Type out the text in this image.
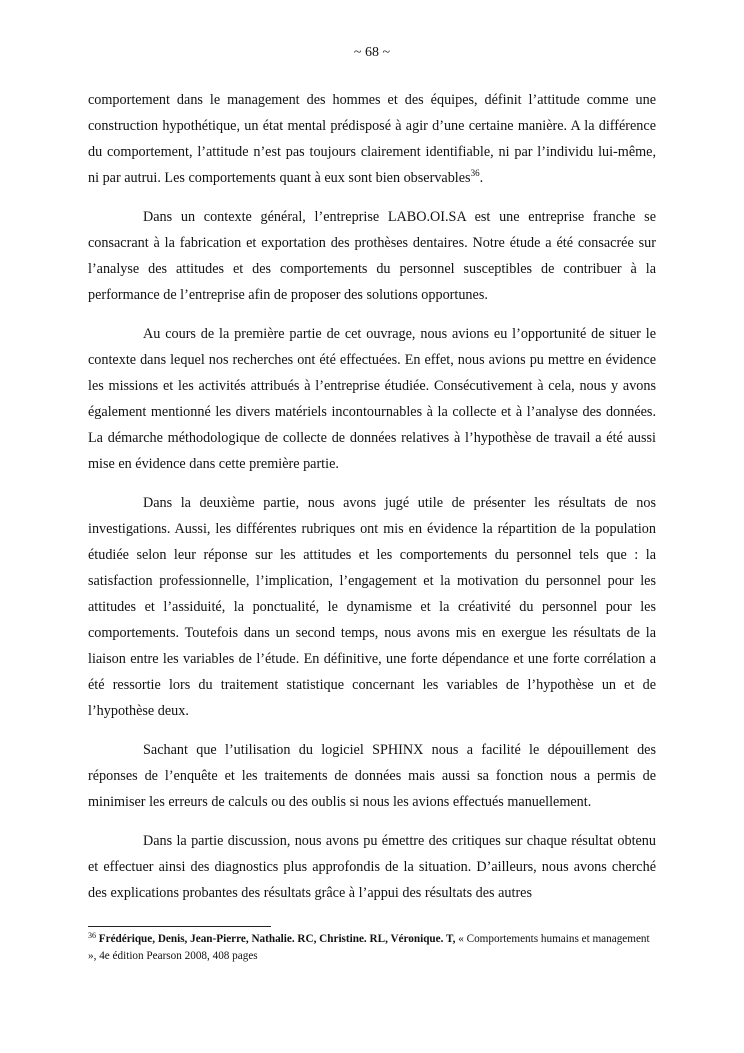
~ 68 ~

comportement dans le management des hommes et des équipes, définit l’attitude comme une construction hypothétique, un état mental prédisposé à agir d’une certaine manière. A la différence du comportement, l’attitude n’est pas toujours clairement identifiable, ni par l’individu lui-même, ni par autrui. Les comportements quant à eux sont bien observables$^{36}$.

Dans un contexte général, l’entreprise LABO.OI.SA est une entreprise franche se consacrant à la fabrication et exportation des prothèses dentaires. Notre étude a été consacrée sur l’analyse des attitudes et des comportements du personnel susceptibles de contribuer à la performance de l’entreprise afin de proposer des solutions opportunes.

Au cours de la première partie de cet ouvrage, nous avions eu l’opportunité de situer le contexte dans lequel nos recherches ont été effectuées. En effet, nous avions pu mettre en évidence les missions et les activités attribués à l’entreprise étudiée. Consécutivement à cela, nous y avons également mentionné les divers matériels incontournables à la collecte et à l’analyse des données. La démarche méthodologique de collecte de données relatives à l’hypothèse de travail a été aussi mise en évidence dans cette première partie.

Dans la deuxième partie, nous avons jugé utile de présenter les résultats de nos investigations. Aussi, les différentes rubriques ont mis en évidence la répartition de la population étudiée selon leur réponse sur les attitudes et les comportements du personnel tels que : la satisfaction professionnelle, l’implication, l’engagement et la motivation du personnel pour les attitudes et l’assiduité, la ponctualité, le dynamisme et la créativité du personnel pour les comportements. Toutefois dans un second temps, nous avons mis en exergue les résultats de la liaison entre les variables de l’étude. En définitive, une forte dépendance et une forte corrélation a été ressortie lors du traitement statistique concernant les variables de l’hypothèse un et de l’hypothèse deux.

Sachant que l’utilisation du logiciel SPHINX nous a facilité le dépouillement des réponses de l’enquête et les traitements de données mais aussi sa fonction nous a permis de minimiser les erreurs de calculs ou des oublis si nous les avions effectués manuellement.

Dans la partie discussion, nous avons pu émettre des critiques sur chaque résultat obtenu et effectuer ainsi des diagnostics plus approfondis de la situation. D’ailleurs, nous avons cherché des explications probantes des résultats grâce à l’appui des résultats des autres

$^{36}$ Frédérique, Denis, Jean-Pierre, Nathalie. RC, Christine. RL, Véronique. T, « Comportements humains et management », 4e édition Pearson 2008, 408 pages
